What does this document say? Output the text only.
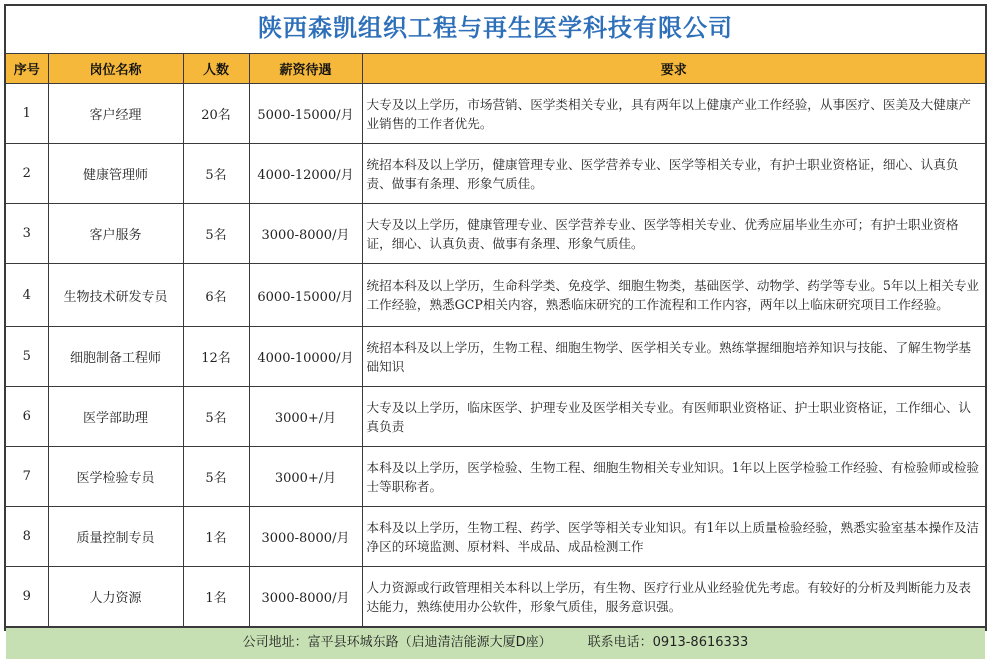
陕西森凯组织工程与再生医学科技有限公司
序号	岗位名称	人数	薪资待遇	要求
1	客户经理	20名	5000-15000/月	大专及以上学历，市场营销、医学类相关专业，具有两年以上健康产业工作经验，从事医疗、医美及大健康产业销售的工作者优先。
2	健康管理师	5名	4000-12000/月	统招本科及以上学历，健康管理专业、医学营养专业、医学等相关专业，有护士职业资格证，细心、认真负责、做事有条理、形象气质佳。
3	客户服务	5名	3000-8000/月	大专及以上学历，健康管理专业、医学营养专业、医学等相关专业、优秀应届毕业生亦可；有护士职业资格证，细心、认真负责、做事有条理、形象气质佳。
4	生物技术研发专员	6名	6000-15000/月	统招本科及以上学历，生命科学类、免疫学、细胞生物类，基础医学、动物学、药学等专业。5年以上相关专业工作经验，熟悉GCP相关内容，熟悉临床研究的工作流程和工作内容，两年以上临床研究项目工作经验。
5	细胞制备工程师	12名	4000-10000/月	统招本科及以上学历，生物工程、细胞生物学、医学相关专业。熟练掌握细胞培养知识与技能、了解生物学基础知识
6	医学部助理	5名	3000+/月	大专及以上学历，临床医学、护理专业及医学相关专业。有医师职业资格证、护士职业资格证，工作细心、认真负责
7	医学检验专员	5名	3000+/月	本科及以上学历，医学检验、生物工程、细胞生物相关专业知识。1年以上医学检验工作经验、有检验师或检验士等职称者。
8	质量控制专员	1名	3000-8000/月	本科及以上学历，生物工程、药学、医学等相关专业知识。有1年以上质量检验经验，熟悉实验室基本操作及洁净区的环境监测、原材料、半成品、成品检测工作
9	人力资源	1名	3000-8000/月	人力资源或行政管理相关本科以上学历，有生物、医疗行业从业经验优先考虑。有较好的分析及判断能力及表达能力，熟练使用办公软件，形象气质佳，服务意识强。
公司地址：富平县环城东路（启迪清洁能源大厦D座）	联系电话：0913-8616333
